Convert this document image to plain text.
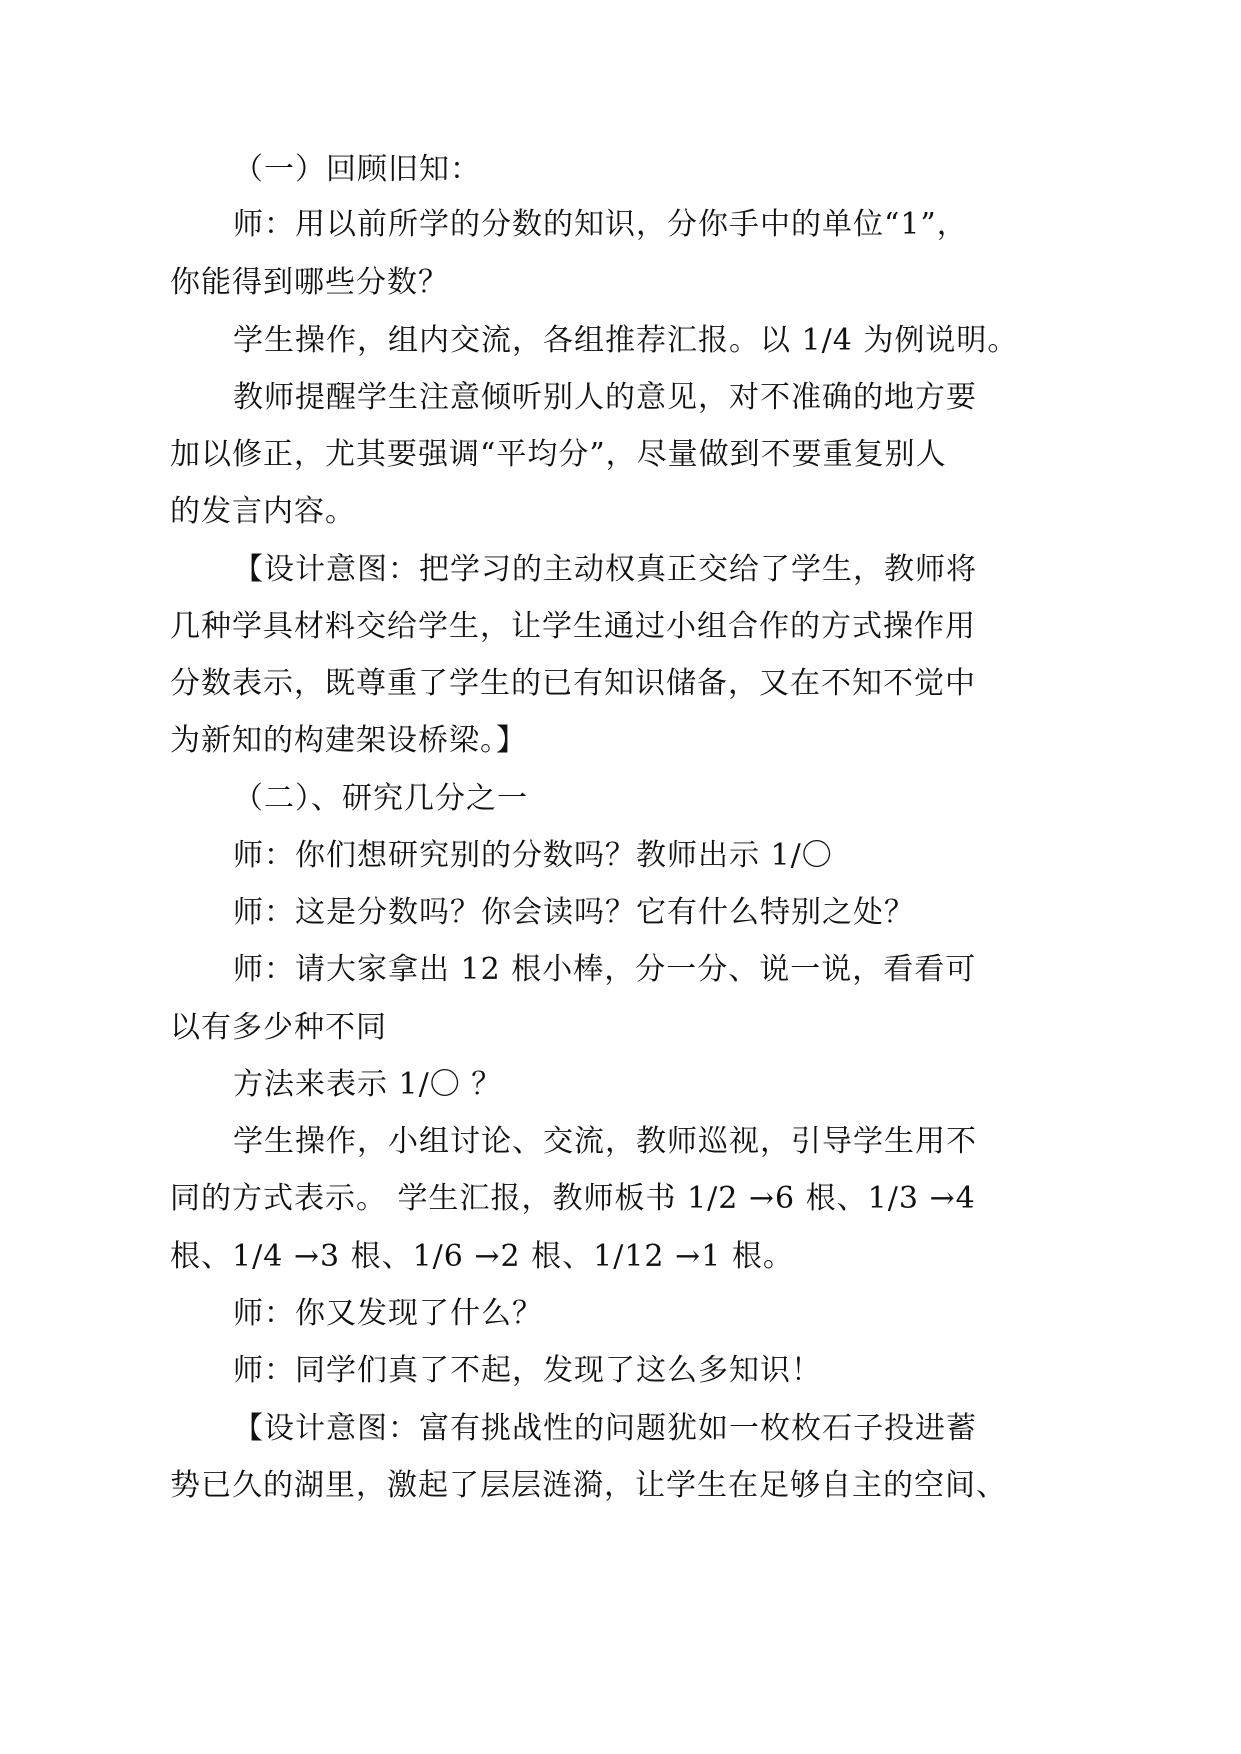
（一）回顾旧知：
师：用以前所学的分数的知识，分你手中的单位“1”，
你能得到哪些分数？
学生操作，组内交流，各组推荐汇报。以 1/4 为例说明。
教师提醒学生注意倾听别人的意见，对不准确的地方要
加以修正，尤其要强调“平均分”，尽量做到不要重复别人
的发言内容。
【设计意图：把学习的主动权真正交给了学生，教师将
几种学具材料交给学生，让学生通过小组合作的方式操作用
分数表示，既尊重了学生的已有知识储备，又在不知不觉中
为新知的构建架设桥梁。】
（二）、研究几分之一
师：你们想研究别的分数吗？教师出示 1/〇
师：这是分数吗？你会读吗？它有什么特别之处？
师：请大家拿出 12 根小棒，分一分、说一说，看看可
以有多少种不同
方法来表示 1/〇 ？
学生操作，小组讨论、交流，教师巡视，引导学生用不
同的方式表示。 学生汇报，教师板书 1/2 →6 根、1/3 →4
根、1/4 →3 根、1/6 →2 根、1/12 →1 根。
师：你又发现了什么？
师：同学们真了不起，发现了这么多知识！
【设计意图：富有挑战性的问题犹如一枚枚石子投进蓄
势已久的湖里，激起了层层涟漪，让学生在足够自主的空间、
